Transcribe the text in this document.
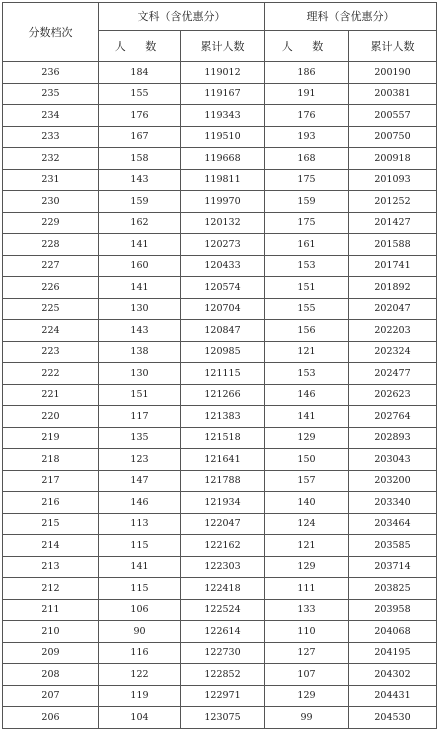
分数档次	文科（含优惠分）		理科（含优惠分）	
	人 数	累计人数	人 数	累计人数
236	184	119012	186	200190
235	155	119167	191	200381
234	176	119343	176	200557
233	167	119510	193	200750
232	158	119668	168	200918
231	143	119811	175	201093
230	159	119970	159	201252
229	162	120132	175	201427
228	141	120273	161	201588
227	160	120433	153	201741
226	141	120574	151	201892
225	130	120704	155	202047
224	143	120847	156	202203
223	138	120985	121	202324
222	130	121115	153	202477
221	151	121266	146	202623
220	117	121383	141	202764
219	135	121518	129	202893
218	123	121641	150	203043
217	147	121788	157	203200
216	146	121934	140	203340
215	113	122047	124	203464
214	115	122162	121	203585
213	141	122303	129	203714
212	115	122418	111	203825
211	106	122524	133	203958
210	90	122614	110	204068
209	116	122730	127	204195
208	122	122852	107	204302
207	119	122971	129	204431
206	104	123075	99	204530
